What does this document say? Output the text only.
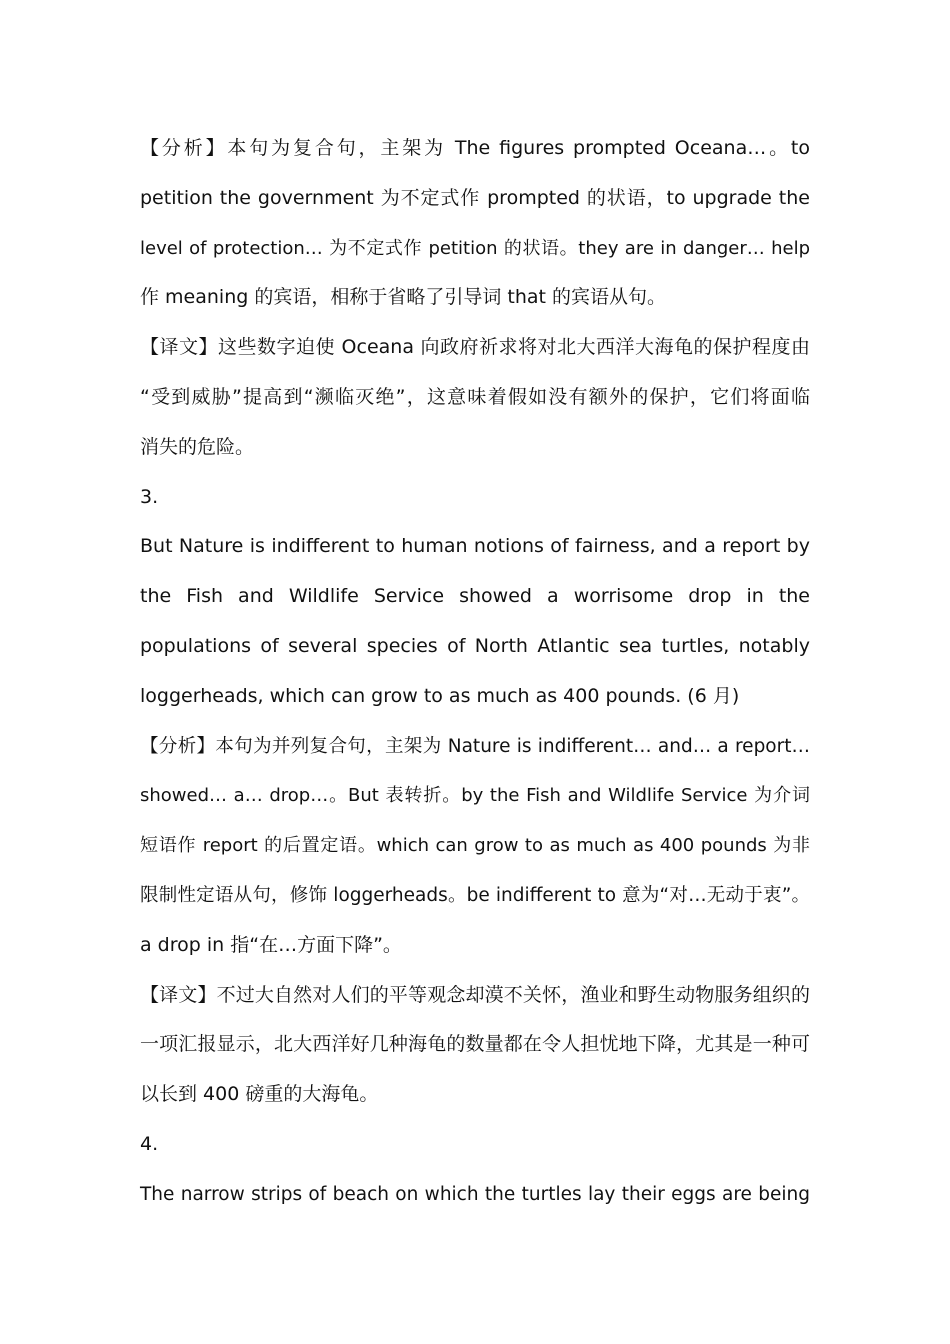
【分析】本句为复合句，主架为 The figures prompted Oceana…。to
petition the government 为不定式作 prompted 的状语，to upgrade the
level of protection… 为不定式作 petition 的状语。they are in danger… help
作 meaning 的宾语，相称于省略了引导词 that 的宾语从句。
【译文】这些数字迫使 Oceana 向政府祈求将对北大西洋大海龟的保护程度由
“受到威胁”提高到“濒临灭绝”，这意味着假如没有额外的保护，它们将面临
消失的危险。
3.
But Nature is indifferent to human notions of fairness, and a report by
the Fish and Wildlife Service showed a worrisome drop in the
populations of several species of North Atlantic sea turtles, notably
loggerheads, which can grow to as much as 400 pounds. (6 月)
【分析】本句为并列复合句，主架为 Nature is indifferent… and… a report…
showed… a… drop…。But 表转折。by the Fish and Wildlife Service 为介词
短语作 report 的后置定语。which can grow to as much as 400 pounds 为非
限制性定语从句，修饰 loggerheads。be indifferent to 意为“对…无动于衷”。
a drop in 指“在…方面下降”。
【译文】不过大自然对人们的平等观念却漠不关怀，渔业和野生动物服务组织的
一项汇报显示，北大西洋好几种海龟的数量都在令人担忧地下降，尤其是一种可
以长到 400 磅重的大海龟。
4.
The narrow strips of beach on which the turtles lay their eggs are being
